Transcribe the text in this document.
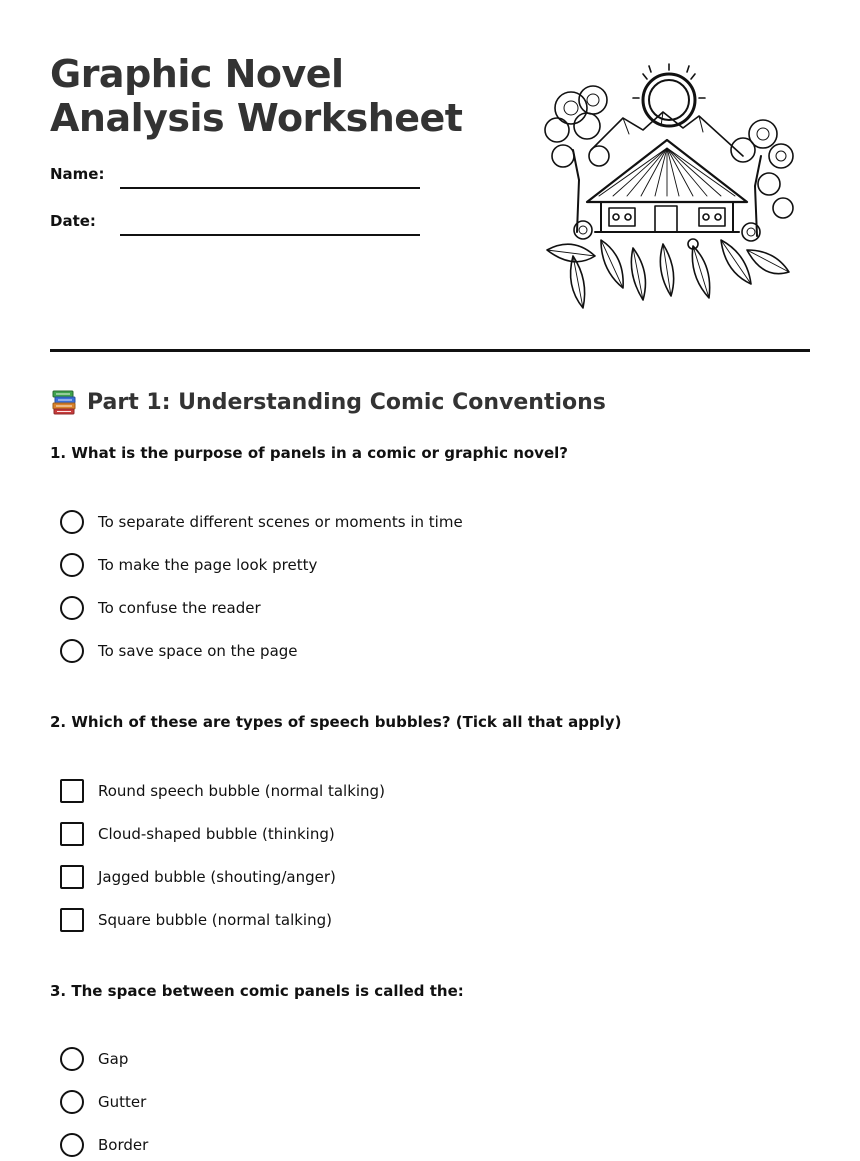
Graphic Novel Analysis Worksheet
Name:
Date:
Part 1: Understanding Comic Conventions
1. What is the purpose of panels in a comic or graphic novel?
To separate different scenes or moments in time
To make the page look pretty
To confuse the reader
To save space on the page
2. Which of these are types of speech bubbles? (Tick all that apply)
Round speech bubble (normal talking)
Cloud-shaped bubble (thinking)
Jagged bubble (shouting/anger)
Square bubble (normal talking)
3. The space between comic panels is called the:
Gap
Gutter
Border
